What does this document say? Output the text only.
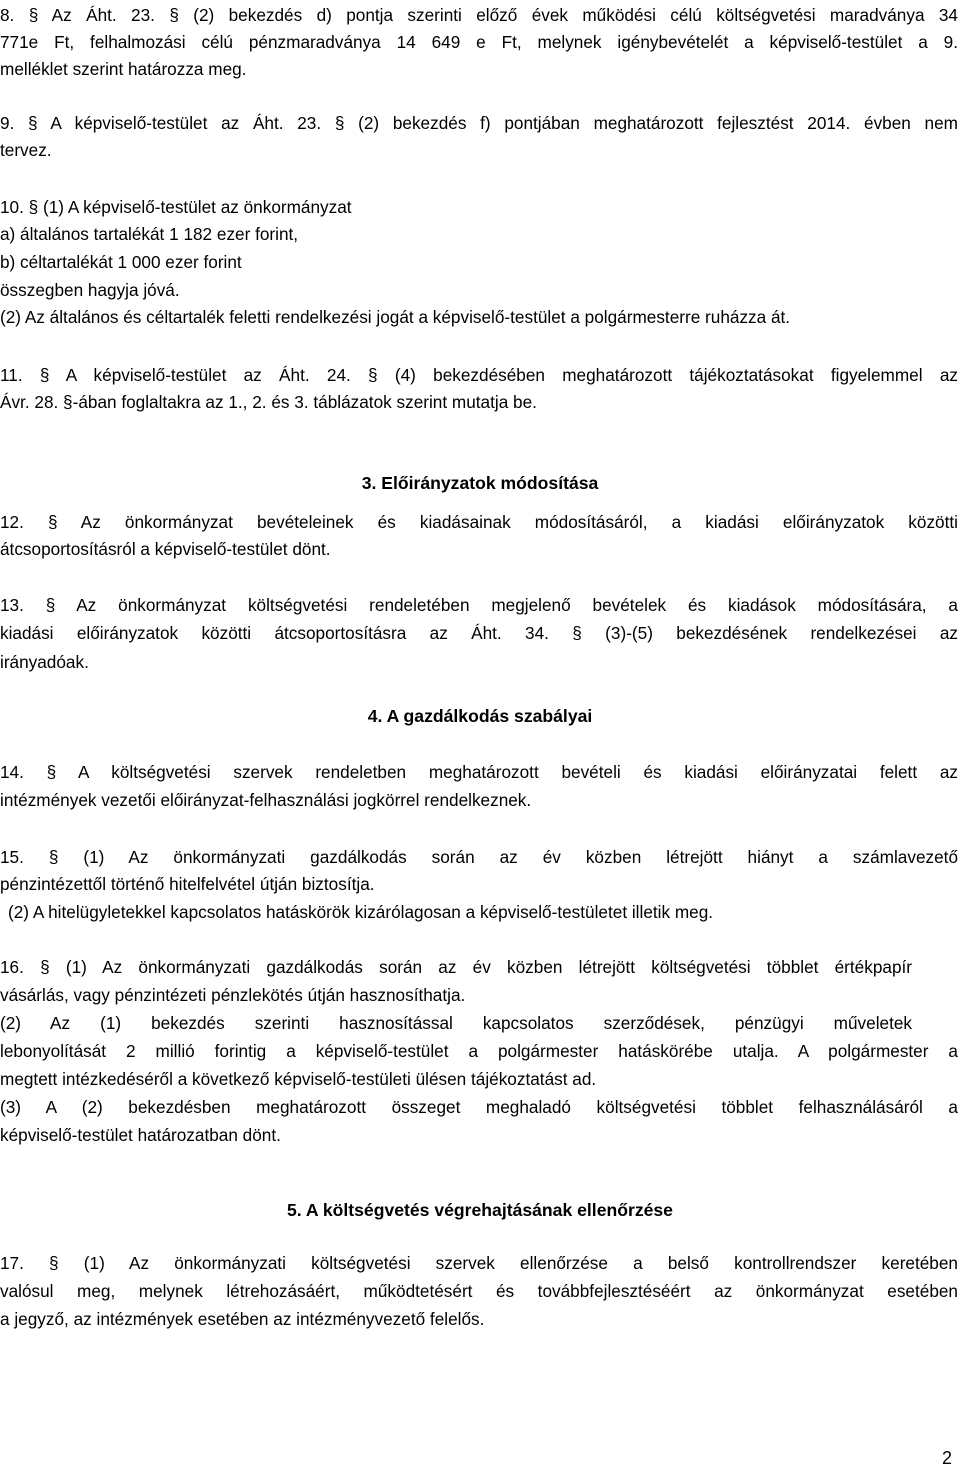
8. § Az Áht. 23. § (2) bekezdés d) pontja szerinti előző évek működési célú költségvetési maradványa 34
771e Ft, felhalmozási célú pénzmaradványa 14 649 e Ft, melynek igénybevételét a képviselő-testület a 9.
melléklet szerint határozza meg.
9. § A képviselő-testület az Áht. 23. § (2) bekezdés f) pontjában meghatározott fejlesztést 2014. évben nem
tervez.
10. § (1) A képviselő-testület az önkormányzat
a) általános tartalékát 1 182 ezer forint,
b) céltartalékát 1 000 ezer forint
összegben hagyja jóvá.
(2) Az általános és céltartalék feletti rendelkezési jogát a képviselő-testület a polgármesterre ruházza át.
11. § A képviselő-testület az Áht. 24. § (4) bekezdésében meghatározott tájékoztatásokat figyelemmel az
Ávr. 28. §-ában foglaltakra az 1., 2. és 3. táblázatok szerint mutatja be.
3. Előirányzatok módosítása
12. § Az önkormányzat bevételeinek és kiadásainak módosításáról, a kiadási előirányzatok közötti
átcsoportosításról a képviselő-testület dönt.
13. § Az önkormányzat költségvetési rendeletében megjelenő bevételek és kiadások módosítására, a
kiadási előirányzatok közötti átcsoportosításra az Áht. 34. § (3)-(5) bekezdésének rendelkezései az
irányadóak.
4. A gazdálkodás szabályai
14. § A költségvetési szervek rendeletben meghatározott bevételi és kiadási előirányzatai felett az
intézmények vezetői előirányzat-felhasználási jogkörrel rendelkeznek.
15. § (1) Az önkormányzati gazdálkodás során az év közben létrejött hiányt a számlavezető
pénzintézettől történő hitelfelvétel útján biztosítja.
(2) A hitelügyletekkel kapcsolatos hatáskörök kizárólagosan a képviselő-testületet illetik meg.
16. § (1) Az önkormányzati gazdálkodás során az év közben létrejött költségvetési többlet értékpapír
vásárlás, vagy pénzintézeti pénzlekötés útján hasznosíthatja.
(2) Az (1) bekezdés szerinti hasznosítással kapcsolatos szerződések, pénzügyi műveletek
lebonyolítását 2 millió forintig a képviselő-testület a polgármester hatáskörébe utalja. A polgármester a
megtett intézkedéséről a következő képviselő-testületi ülésen tájékoztatást ad.
(3) A (2) bekezdésben meghatározott összeget meghaladó költségvetési többlet felhasználásáról a
képviselő-testület határozatban dönt.
5. A költségvetés végrehajtásának ellenőrzése
17. § (1) Az önkormányzati költségvetési szervek ellenőrzése a belső kontrollrendszer keretében
valósul meg, melynek létrehozásáért, működtetésért és továbbfejlesztéséért az önkormányzat esetében
a jegyző, az intézmények esetében az intézményvezető felelős.
2
